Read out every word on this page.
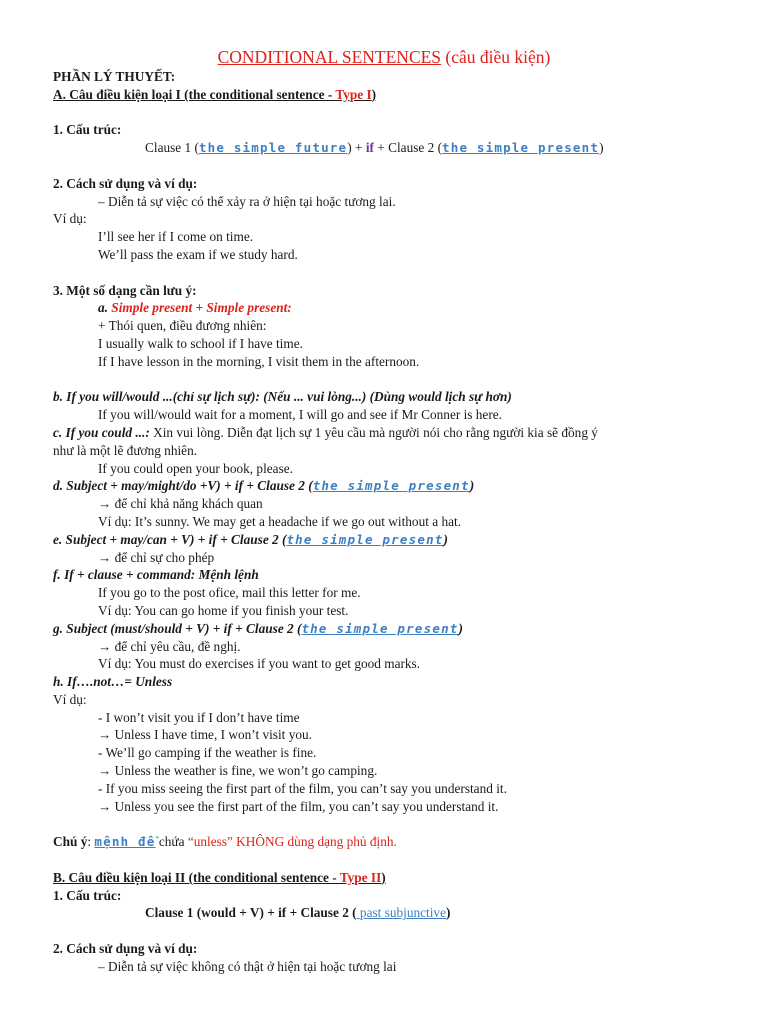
CONDITIONAL SENTENCES (câu điều kiện)
PHẦN LÝ THUYẾT:
A. Câu điều kiện loại I (the conditional sentence - Type I)
1. Cấu trúc:
Clause 1 (the simple future) + if + Clause 2 (the simple present)
2. Cách sử dụng và ví dụ:
– Diễn tả sự việc có thể xảy ra ở hiện tại hoặc tương lai.
Ví dụ:
I’ll see her if I come on time.
We’ll pass the exam if we study hard.
3. Một số dạng cần lưu ý:
a. Simple present + Simple present:
+ Thói quen, điều đương nhiên:
I usually walk to school if I have time.
If I have lesson in the morning, I visit them in the afternoon.
b. If you will/would ...(chỉ sự lịch sự): (Nếu ... vui lòng...) (Dùng would lịch sự hơn)
If you will/would wait for a moment, I will go and see if Mr Conner is here.
c. If you could ...: Xin vui lòng. Diễn đạt lịch sự 1 yêu cầu mà người nói cho rằng người kia sẽ đồng ý
như là một lẽ đương nhiên.
If you could open your book, please.
d. Subject + may/might/do +V) + if + Clause 2 (the simple present)
→ để chỉ khả năng khách quan
Ví dụ: It’s sunny. We may get a headache if we go out without a hat.
e. Subject + may/can + V) + if + Clause 2 (the simple present)
→ để chỉ sự cho phép
f. If + clause + command: Mệnh lệnh
If you go to the post ofice, mail this letter for me.
Ví dụ: You can go home if you finish your test.
g. Subject (must/should + V) + if + Clause 2 (the simple present)
→ để chỉ yêu cầu, đề nghị.
Ví dụ: You must do exercises if you want to get good marks.
h. If….not…= Unless
Ví dụ:
- I won’t visit you if I don’t have time
→ Unless I have time, I won’t visit you.
- We’ll go camping if the weather is fine.
→ Unless the weather is fine, we won’t go camping.
- If you miss seeing the first part of the film, you can’t say you understand it.
→ Unless you see the first part of the film, you can’t say you understand it.
Chú ý: mệnh đề chứa “unless” KHÔNG dùng dạng phủ định.
B. Câu điều kiện loại II (the conditional sentence - Type II)
1. Cấu trúc:
Clause 1 (would + V) + if + Clause 2 ( past subjunctive)
2. Cách sử dụng và ví dụ:
– Diễn tả sự việc không có thật ở hiện tại hoặc tương lai
